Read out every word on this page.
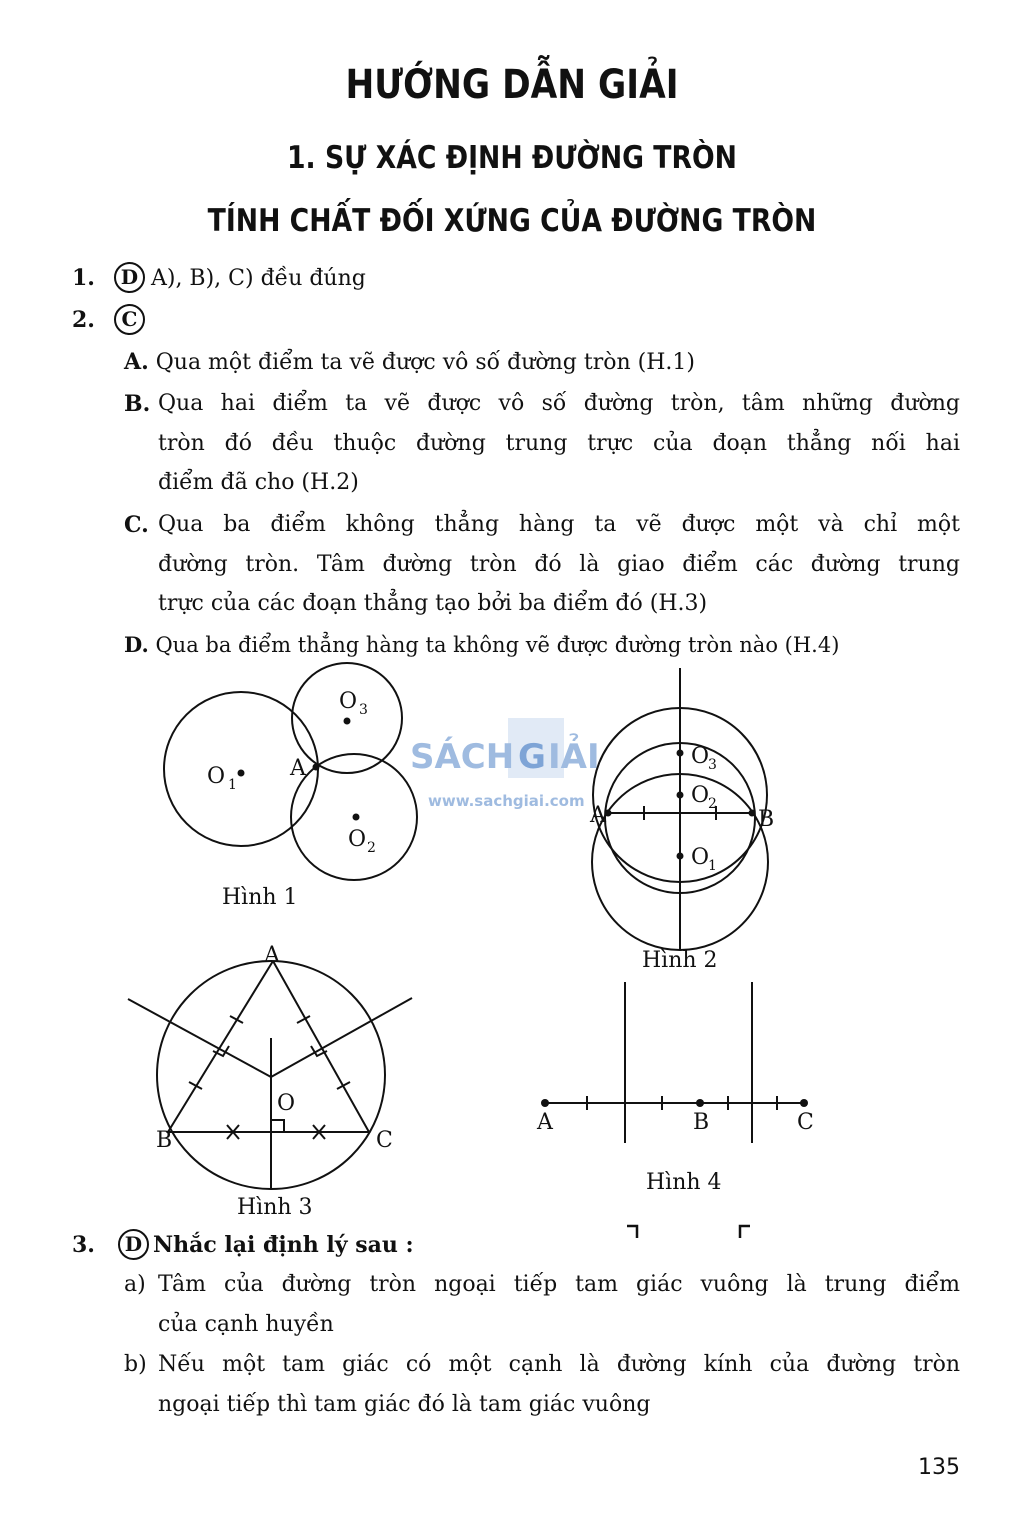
HƯỚNG DẪN GIẢI
1. SỰ XÁC ĐỊNH ĐƯỜNG TRÒN
TÍNH CHẤT ĐỐI XỨNG CỦA ĐƯỜNG TRÒN
1. D A), B), C) đều đúng
2. C
A. Qua một điểm ta vẽ được vô số đường tròn (H.1)
B. Qua hai điểm ta vẽ được vô số đường tròn, tâm những đường
tròn đó đều thuộc đường trung trực của đoạn thẳng nối hai
điểm đã cho (H.2)
C. Qua ba điểm không thẳng hàng ta vẽ được một và chỉ một
đường tròn. Tâm đường tròn đó là giao điểm các đường trung
trực của các đoạn thẳng tạo bởi ba điểm đó (H.3)
D. Qua ba điểm thẳng hàng ta không vẽ được đường tròn nào (H.4)
SÁCH G IẢI
www.sachgiai.com
O 1
O 3
A
O 2
O
3
O
2
O
1
A	B
A
B	C
O
A	B	C
Hình 1
Hình 2
Hình 3
Hình 4
3. D Nhắc lại định lý sau :
a) Tâm của đường tròn ngoại tiếp tam giác vuông là trung điểm
của cạnh huyền
b) Nếu một tam giác có một cạnh là đường kính của đường tròn
ngoại tiếp thì tam giác đó là tam giác vuông
135
